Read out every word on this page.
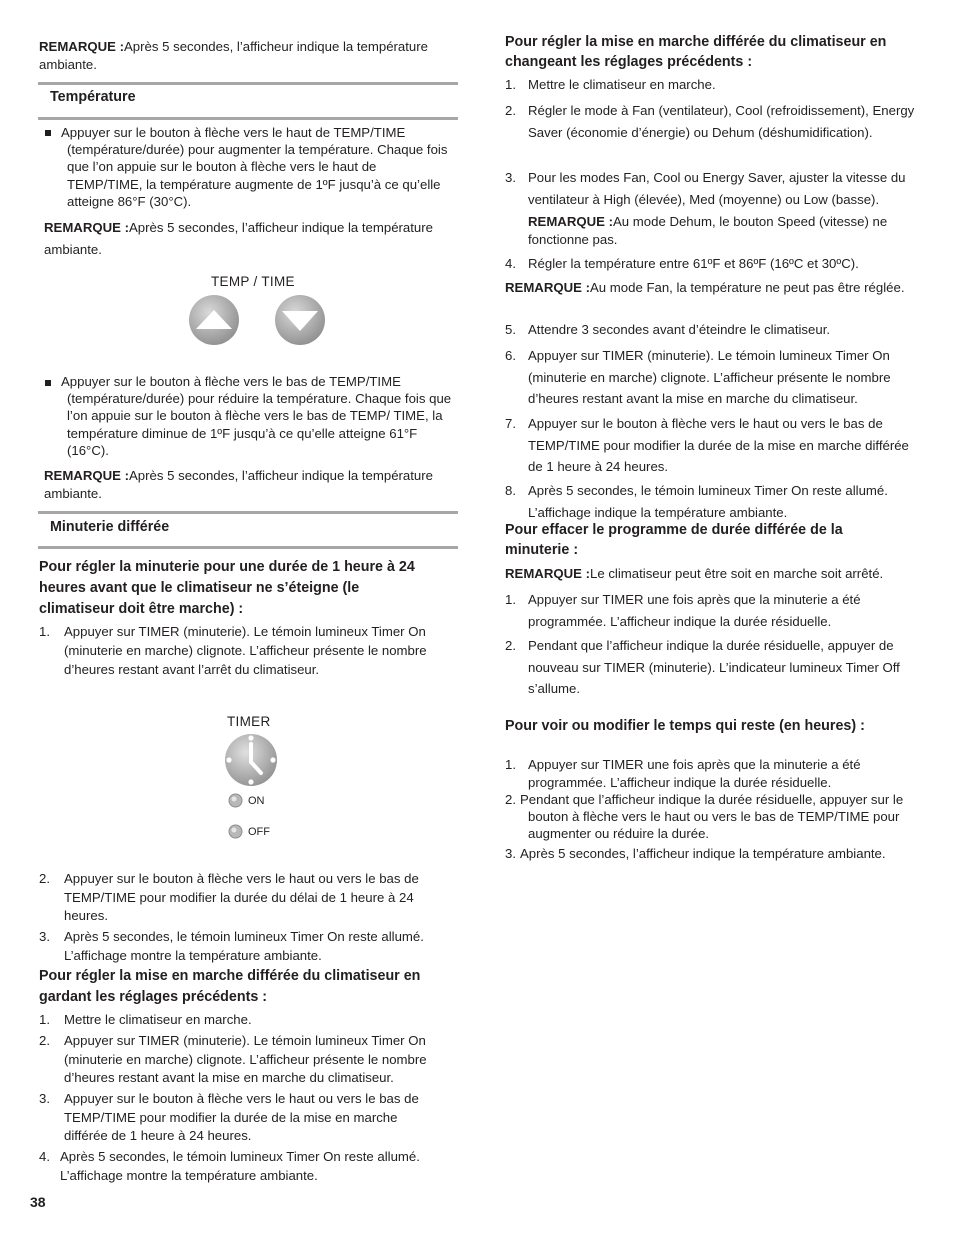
REMARQUE :Après 5 secondes, l’afficheur indique la température ambiante.
Température
Appuyer sur le bouton à flèche vers le haut de TEMP/TIME (température/durée) pour augmenter la température. Chaque fois que l’on appuie sur le bouton à flèche vers le haut de TEMP/TIME, la température augmente de 1ºF jusqu’à ce qu’elle atteigne 86°F (30°C).
REMARQUE :Après 5 secondes, l’afficheur indique la température ambiante.
TEMP / TIME
Appuyer sur le bouton à flèche vers le bas de TEMP/TIME (température/durée) pour réduire la température. Chaque fois que l’on appuie sur le bouton à flèche vers le bas de TEMP/ TIME, la température diminue de 1ºF jusqu’à ce qu’elle atteigne 61°F (16°C).
REMARQUE :Après 5 secondes, l’afficheur indique la température ambiante.
Minuterie différée
Pour régler la minuterie pour une durée de 1 heure à 24 heures avant que le climatiseur ne s’éteigne (le climatiseur doit être marche) :
1. Appuyer sur TIMER (minuterie). Le témoin lumineux Timer On (minuterie en marche) clignote. L’afficheur présente le nombre d’heures restant avant l’arrêt du climatiseur.
TIMER
ON
OFF
2. Appuyer sur le bouton à flèche vers le haut ou vers le bas de TEMP/TIME pour modifier la durée du délai de 1 heure à 24 heures.
3. Après 5 secondes, le témoin lumineux Timer On reste allumé. L’affichage montre la température ambiante.
Pour régler la mise en marche différée du climatiseur en gardant les réglages précédents :
1. Mettre le climatiseur en marche.
2. Appuyer sur TIMER (minuterie). Le témoin lumineux Timer On (minuterie en marche) clignote. L’afficheur présente le nombre d’heures restant avant la mise en marche du climatiseur.
3. Appuyer sur le bouton à flèche vers le haut ou vers le bas de TEMP/TIME pour modifier la durée de la mise en marche différée de 1 heure à 24 heures.
4. Après 5 secondes, le témoin lumineux Timer On reste allumé. L’affichage montre la température ambiante.
38
Pour régler la mise en marche différée du climatiseur en changeant les réglages précédents :
1. Mettre le climatiseur en marche.
2. Régler le mode à Fan (ventilateur), Cool (refroidissement), Energy Saver (économie d’énergie) ou Dehum (déshumidification).
3. Pour les modes Fan, Cool ou Energy Saver, ajuster la vitesse du ventilateur à High (élevée), Med (moyenne) ou Low (basse).
REMARQUE :Au mode Dehum, le bouton Speed (vitesse) ne fonctionne pas.
4. Régler la température entre 61ºF et 86ºF (16ºC et 30ºC).
REMARQUE :Au mode Fan, la température ne peut pas être réglée.
5. Attendre 3 secondes avant d’éteindre le climatiseur.
6. Appuyer sur TIMER (minuterie). Le témoin lumineux Timer On (minuterie en marche) clignote. L’afficheur présente le nombre d’heures restant avant la mise en marche du climatiseur.
7. Appuyer sur le bouton à flèche vers le haut ou vers le bas de TEMP/TIME pour modifier la durée de la mise en marche différée de 1 heure à 24 heures.
8. Après 5 secondes, le témoin lumineux Timer On reste allumé. L’affichage indique la température ambiante.
Pour effacer le programme de durée différée de la minuterie :
REMARQUE :Le climatiseur peut être soit en marche soit arrêté.
1. Appuyer sur TIMER une fois après que la minuterie a été programmée. L’afficheur indique la durée résiduelle.
2. Pendant que l’afficheur indique la durée résiduelle, appuyer de nouveau sur TIMER (minuterie). L’indicateur lumineux Timer Off s’allume.
Pour voir ou modifier le temps qui reste (en heures) :
1. Appuyer sur TIMER une fois après que la minuterie a été programmée. L’afficheur indique la durée résiduelle.
2. Pendant que l’afficheur indique la durée résiduelle, appuyer sur le bouton à flèche vers le haut ou vers le bas de TEMP/TIME pour augmenter ou réduire la durée.
3. Après 5 secondes, l’afficheur indique la température ambiante.
